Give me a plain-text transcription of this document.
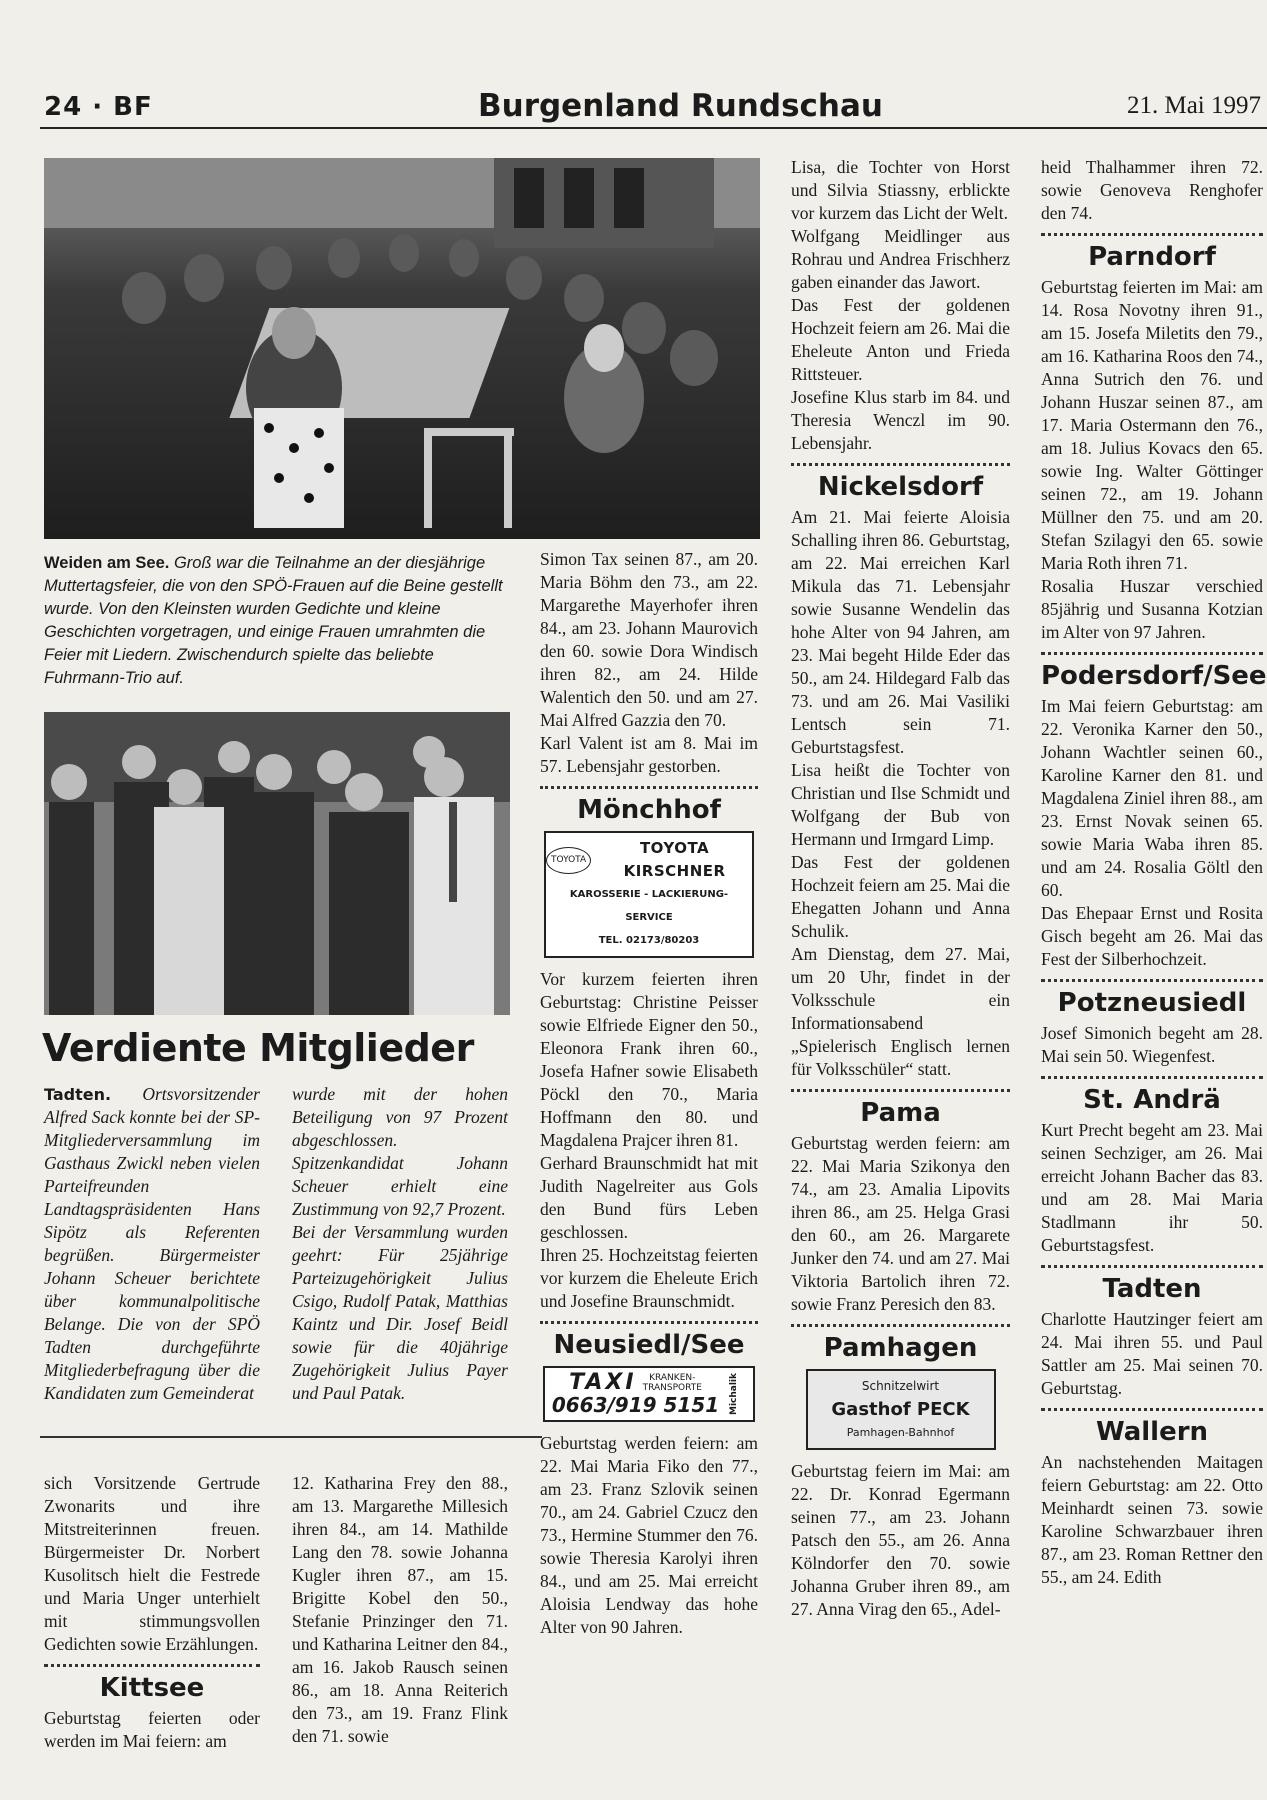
24 · BF	Burgenland Rundschau	21. Mai 1997
Weiden am See. Groß war die Teilnahme an der diesjährige Muttertagsfeier, die von den SPÖ-Frauen auf die Beine gestellt wurde. Von den Kleinsten wurden Gedichte und kleine Geschichten vorgetragen, und einige Frauen umrahmten die Feier mit Liedern. Zwischendurch spielte das beliebte Fuhrmann-Trio auf.
Verdiente Mitglieder
Tadten. Ortsvorsitzender Alfred Sack konnte bei der SP-Mitgliederversammlung im Gasthaus Zwickl neben vielen Parteifreunden Landtagspräsidenten Hans Sipötz als Referenten begrüßen. Bürgermeister Johann Scheuer berichtete über kommunalpolitische Belange. Die von der SPÖ Tadten durchgeführte Mitgliederbefragung über die Kandidaten zum Gemeinderat
wurde mit der hohen Beteiligung von 97 Prozent abgeschlossen. Spitzenkandidat Johann Scheuer erhielt eine Zustimmung von 92,7 Prozent.
Bei der Versammlung wurden geehrt: Für 25jährige Parteizugehörigkeit Julius Csigo, Rudolf Patak, Matthias Kaintz und Dir. Josef Beidl sowie für die 40jährige Zugehörigkeit Julius Payer und Paul Patak.

sich Vorsitzende Gertrude Zwonarits und ihre Mitstreiterinnen freuen. Bürgermeister Dr. Norbert Kusolitsch hielt die Festrede und Maria Unger unterhielt mit stimmungsvollen Gedichten sowie Erzählungen.

Kittsee

Geburtstag feierten oder werden im Mai feiern: am

12. Katharina Frey den 88., am 13. Margarethe Millesich ihren 84., am 14. Mathilde Lang den 78. sowie Johanna Kugler ihren 87., am 15. Brigitte Kobel den 50., Stefanie Prinzinger den 71. und Katharina Leitner den 84., am 16. Jakob Rausch seinen 86., am 18. Anna Reiterich den 73., am 19. Franz Flink den 71. sowie

Simon Tax seinen 87., am 20. Maria Böhm den 73., am 22. Margarethe Mayerhofer ihren 84., am 23. Johann Maurovich den 60. sowie Dora Windisch ihren 82., am 24. Hilde Walentich den 50. und am 27. Mai Alfred Gazzia den 70.

Karl Valent ist am 8. Mai im 57. Lebensjahr gestorben.

Mönchhof
TOYOTA
TOYOTA KIRSCHNER
KAROSSERIE - LACKIERUNG- SERVICE
TEL. 02173/80203

Vor kurzem feierten ihren Geburtstag: Christine Peisser sowie Elfriede Eigner den 50., Eleonora Frank ihren 60., Josefa Hafner sowie Elisabeth Pöckl den 70., Maria Hoffmann den 80. und Magdalena Prajcer ihren 81.

Gerhard Braunschmidt hat mit Judith Nagelreiter aus Gols den Bund fürs Leben geschlossen.

Ihren 25. Hochzeitstag feierten vor kurzem die Eheleute Erich und Josefine Braunschmidt.

Neusiedl/See
TAXI	KRANKEN-
TRANSPORTE
0663/919 5151	Michalik

Geburtstag werden feiern: am 22. Mai Maria Fiko den 77., am 23. Franz Szlovik seinen 70., am 24. Gabriel Czucz den 73., Hermine Stummer den 76. sowie Theresia Karolyi ihren 84., und am 25. Mai erreicht Aloisia Lendway das hohe Alter von 90 Jahren.

Lisa, die Tochter von Horst und Silvia Stiassny, erblickte vor kurzem das Licht der Welt.

Wolfgang Meidlinger aus Rohrau und Andrea Frischherz gaben einander das Jawort.

Das Fest der goldenen Hochzeit feiern am 26. Mai die Eheleute Anton und Frieda Rittsteuer.

Josefine Klus starb im 84. und Theresia Wenczl im 90. Lebensjahr.

Nickelsdorf

Am 21. Mai feierte Aloisia Schalling ihren 86. Geburtstag, am 22. Mai erreichen Karl Mikula das 71. Lebensjahr sowie Susanne Wendelin das hohe Alter von 94 Jahren, am 23. Mai begeht Hilde Eder das 50., am 24. Hildegard Falb das 73. und am 26. Mai Vasiliki Lentsch sein 71. Geburtstagsfest.

Lisa heißt die Tochter von Christian und Ilse Schmidt und Wolfgang der Bub von Hermann und Irmgard Limp.

Das Fest der goldenen Hochzeit feiern am 25. Mai die Ehegatten Johann und Anna Schulik.

Am Dienstag, dem 27. Mai, um 20 Uhr, findet in der Volksschule ein Informationsabend „Spielerisch Englisch lernen für Volksschüler“ statt.

Pama

Geburtstag werden feiern: am 22. Mai Maria Szikonya den 74., am 23. Amalia Lipovits ihren 86., am 25. Helga Grasi den 60., am 26. Margarete Junker den 74. und am 27. Mai Viktoria Bartolich ihren 72. sowie Franz Peresich den 83.

Pamhagen
Schnitzelwirt
Gasthof PECK
Pamhagen-Bahnhof

Geburtstag feiern im Mai: am 22. Dr. Konrad Egermann seinen 77., am 23. Johann Patsch den 55., am 26. Anna Kölndorfer den 70. sowie Johanna Gruber ihren 89., am 27. Anna Virag den 65., Adel-

heid Thalhammer ihren 72. sowie Genoveva Renghofer den 74.

Parndorf

Geburtstag feierten im Mai: am 14. Rosa Novotny ihren 91., am 15. Josefa Miletits den 79., am 16. Katharina Roos den 74., Anna Sutrich den 76. und Johann Huszar seinen 87., am 17. Maria Ostermann den 76., am 18. Julius Kovacs den 65. sowie Ing. Walter Göttinger seinen 72., am 19. Johann Müllner den 75. und am 20. Stefan Szilagyi den 65. sowie Maria Roth ihren 71.

Rosalia Huszar verschied 85jährig und Susanna Kotzian im Alter von 97 Jahren.

Podersdorf/See

Im Mai feiern Geburtstag: am 22. Veronika Karner den 50., Johann Wachtler seinen 60., Karoline Karner den 81. und Magdalena Ziniel ihren 88., am 23. Ernst Novak seinen 65. sowie Maria Waba ihren 85. und am 24. Rosalia Göltl den 60.

Das Ehepaar Ernst und Rosita Gisch begeht am 26. Mai das Fest der Silberhochzeit.

Potzneusiedl

Josef Simonich begeht am 28. Mai sein 50. Wiegenfest.

St. Andrä

Kurt Precht begeht am 23. Mai seinen Sechziger, am 26. Mai erreicht Johann Bacher das 83. und am 28. Mai Maria Stadlmann ihr 50. Geburtstagsfest.

Tadten

Charlotte Hautzinger feiert am 24. Mai ihren 55. und Paul Sattler am 25. Mai seinen 70. Geburtstag.

Wallern

An nachstehenden Maitagen feiern Geburtstag: am 22. Otto Meinhardt seinen 73. sowie Karoline Schwarzbauer ihren 87., am 23. Roman Rettner den 55., am 24. Edith
